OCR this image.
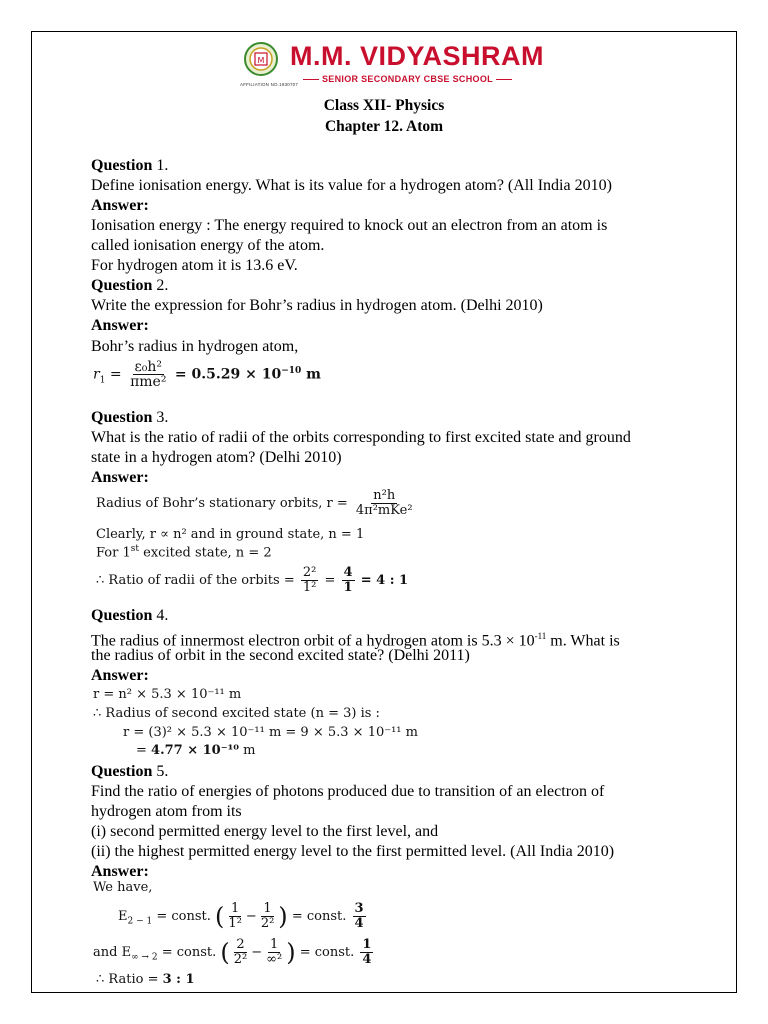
M
AFFILIATION NO.1930707
M.M. VIDYASHRAM
SENIOR SECONDARY CBSE SCHOOL
Class XII- Physics
Chapter 12. Atom
Question 1.
Define ionisation energy. What is its value for a hydrogen atom? (All India 2010)
Answer:
Ionisation energy : The energy required to knock out an electron from an atom is
called ionisation energy of the atom.
For hydrogen atom it is 13.6 eV.
Question 2.
Write the expression for Bohr’s radius in hydrogen atom. (Delhi 2010)
Answer:
Bohr’s radius in hydrogen atom,
$r_1 = \frac{\text{ε₀h²}}{\text{πme²}} = 0.5.29 \times 10^{-10}$ m
Question 3.
What is the ratio of radii of the orbits corresponding to first excited state and ground
state in a hydrogen atom? (Delhi 2010)
Answer:
Radius of Bohr’s stationary orbits, $r = \frac{\text{n²h}}{\text{4π²mKe²}}$
Clearly, r ∝ n² and in ground state, n = 1
For 1st excited state, n = 2
∴ Ratio of radii of the orbits = $\frac{\text{2²}}{\text{1²}} = \frac{4}{1} = 4$ : 1
Question 4.
The radius of innermost electron orbit of a hydrogen atom is $5.3 \times 10^{-11}$ m. What is
the radius of orbit in the second excited state? (Delhi 2011)
Answer:
r = n² × 5.3 × 10⁻¹¹ m
∴ Radius of second excited state (n = 3) is :
r = (3)² × 5.3 × 10⁻¹¹ m = 9 × 5.3 × 10⁻¹¹ m
= 4.77 × 10⁻¹⁰ m
Question 5.
Find the ratio of energies of photons produced due to transition of an electron of
hydrogen atom from its
(i) second permitted energy level to the first level, and
(ii) the highest permitted energy level to the first permitted level. (All India 2010)
Answer:
We have,
$E_{2 - 1}$ = const. ( $\frac{1}{\text{1²}} - \frac{1}{\text{2²}}$ ) = const. $\frac{3}{4}$
and $E_{\infty \to 2}$ = const. ( $\frac{2}{\text{2²}} - \frac{1}{\text{∞²}}$ ) = const. $\frac{1}{4}$
∴ Ratio = 3 : 1
